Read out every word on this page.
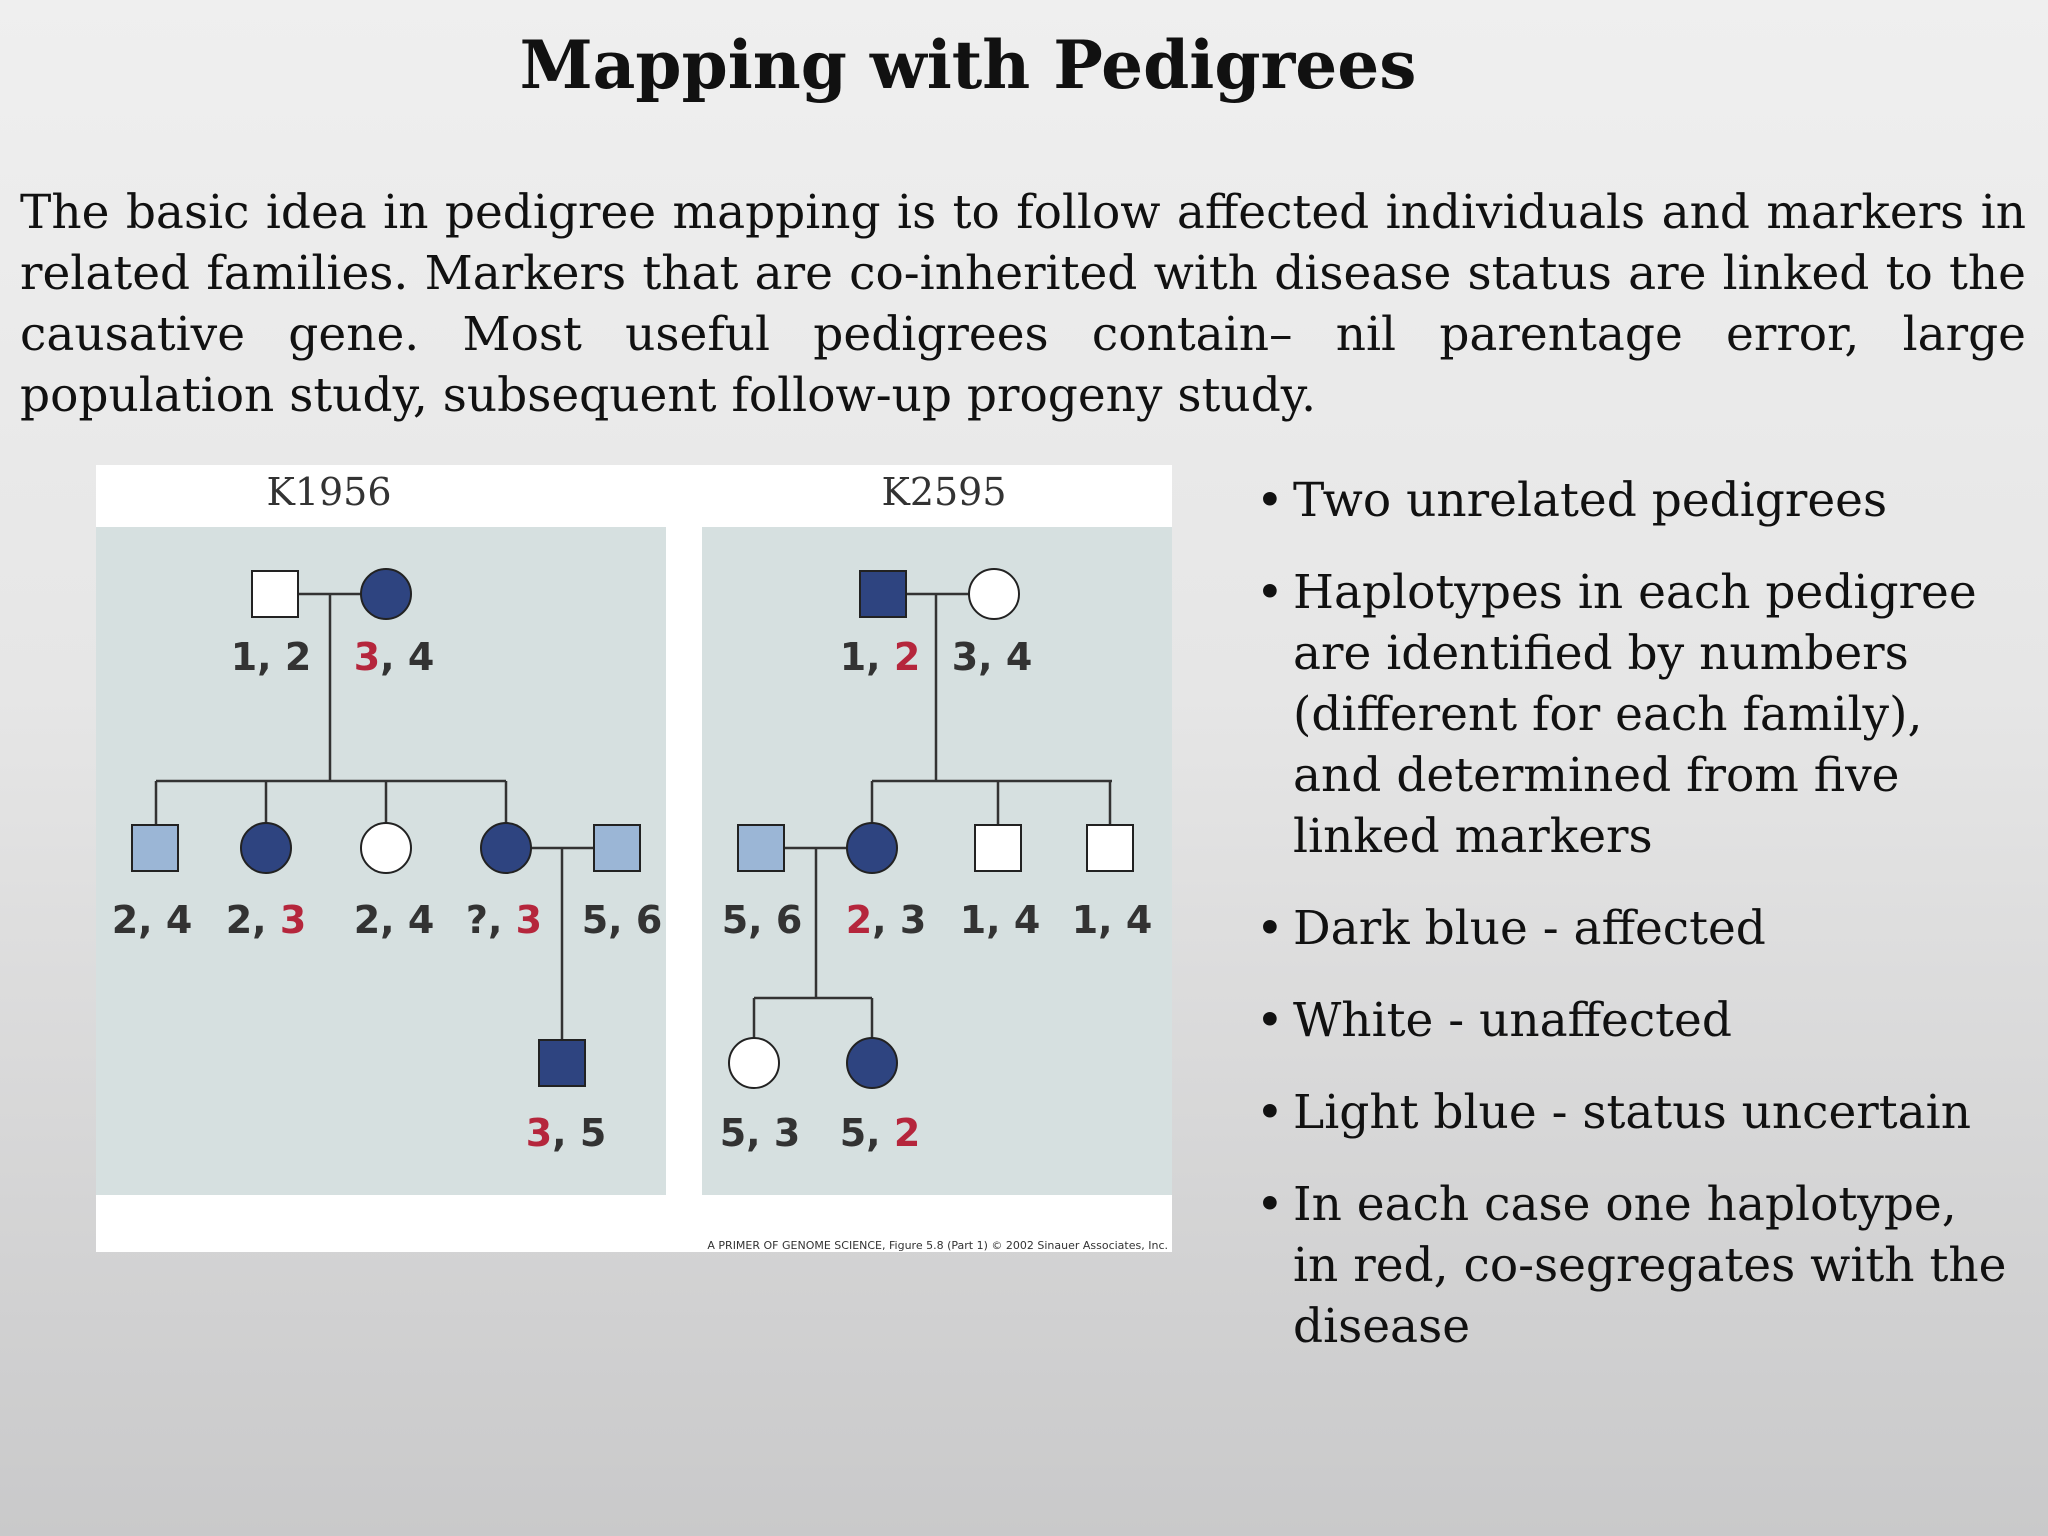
Mapping with Pedigrees

The basic idea in pedigree mapping is to follow affected individuals and markers in related families. Markers that are co-inherited with disease status are linked to the causative gene. Most useful pedigrees contain– nil parentage error, large population study, subsequent follow-up progeny study.

K1956	K2595
1, 2 3, 4
2, 4 2, 3 2, 4 ?, 3 5, 6
3, 5
1, 2 3, 4
5, 6 2, 3 1, 4 1, 4
5, 3 5, 2
A PRIMER OF GENOME SCIENCE, Figure 5.8 (Part 1) © 2002 Sinauer Associates, Inc.
• Two unrelated pedigrees
• Haplotypes in each pedigree are identified by numbers (different for each family), and determined from five linked markers
• Dark blue - affected
• White - unaffected
• Light blue - status uncertain
• In each case one haplotype, in red, co-segregates with the disease
